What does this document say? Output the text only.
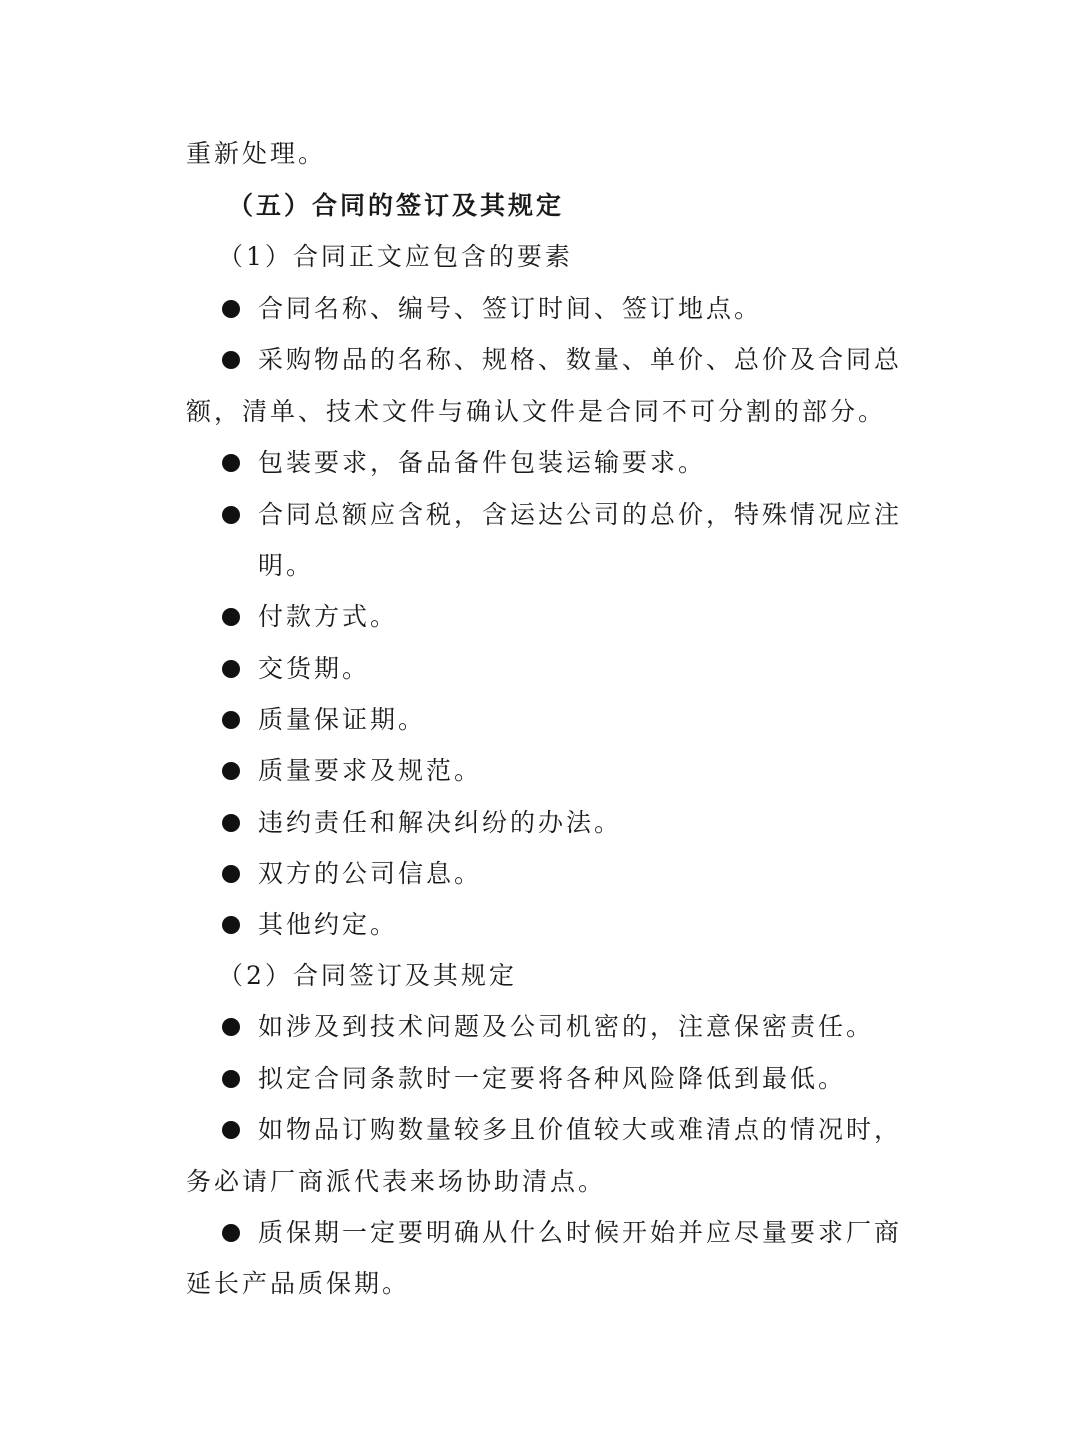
重新处理。
（五）合同的签订及其规定
（1）合同正文应包含的要素
合同名称、编号、签订时间、签订地点。
采购物品的名称、规格、数量、单价、总价及合同总
额，清单、技术文件与确认文件是合同不可分割的部分。
包装要求，备品备件包装运输要求。
合同总额应含税，含运达公司的总价，特殊情况应注
明。
付款方式。
交货期。
质量保证期。
质量要求及规范。
违约责任和解决纠纷的办法。
双方的公司信息。
其他约定。
（2）合同签订及其规定
如涉及到技术问题及公司机密的，注意保密责任。
拟定合同条款时一定要将各种风险降低到最低。
如物品订购数量较多且价值较大或难清点的情况时，
务必请厂商派代表来场协助清点。
质保期一定要明确从什么时候开始并应尽量要求厂商
延长产品质保期。
